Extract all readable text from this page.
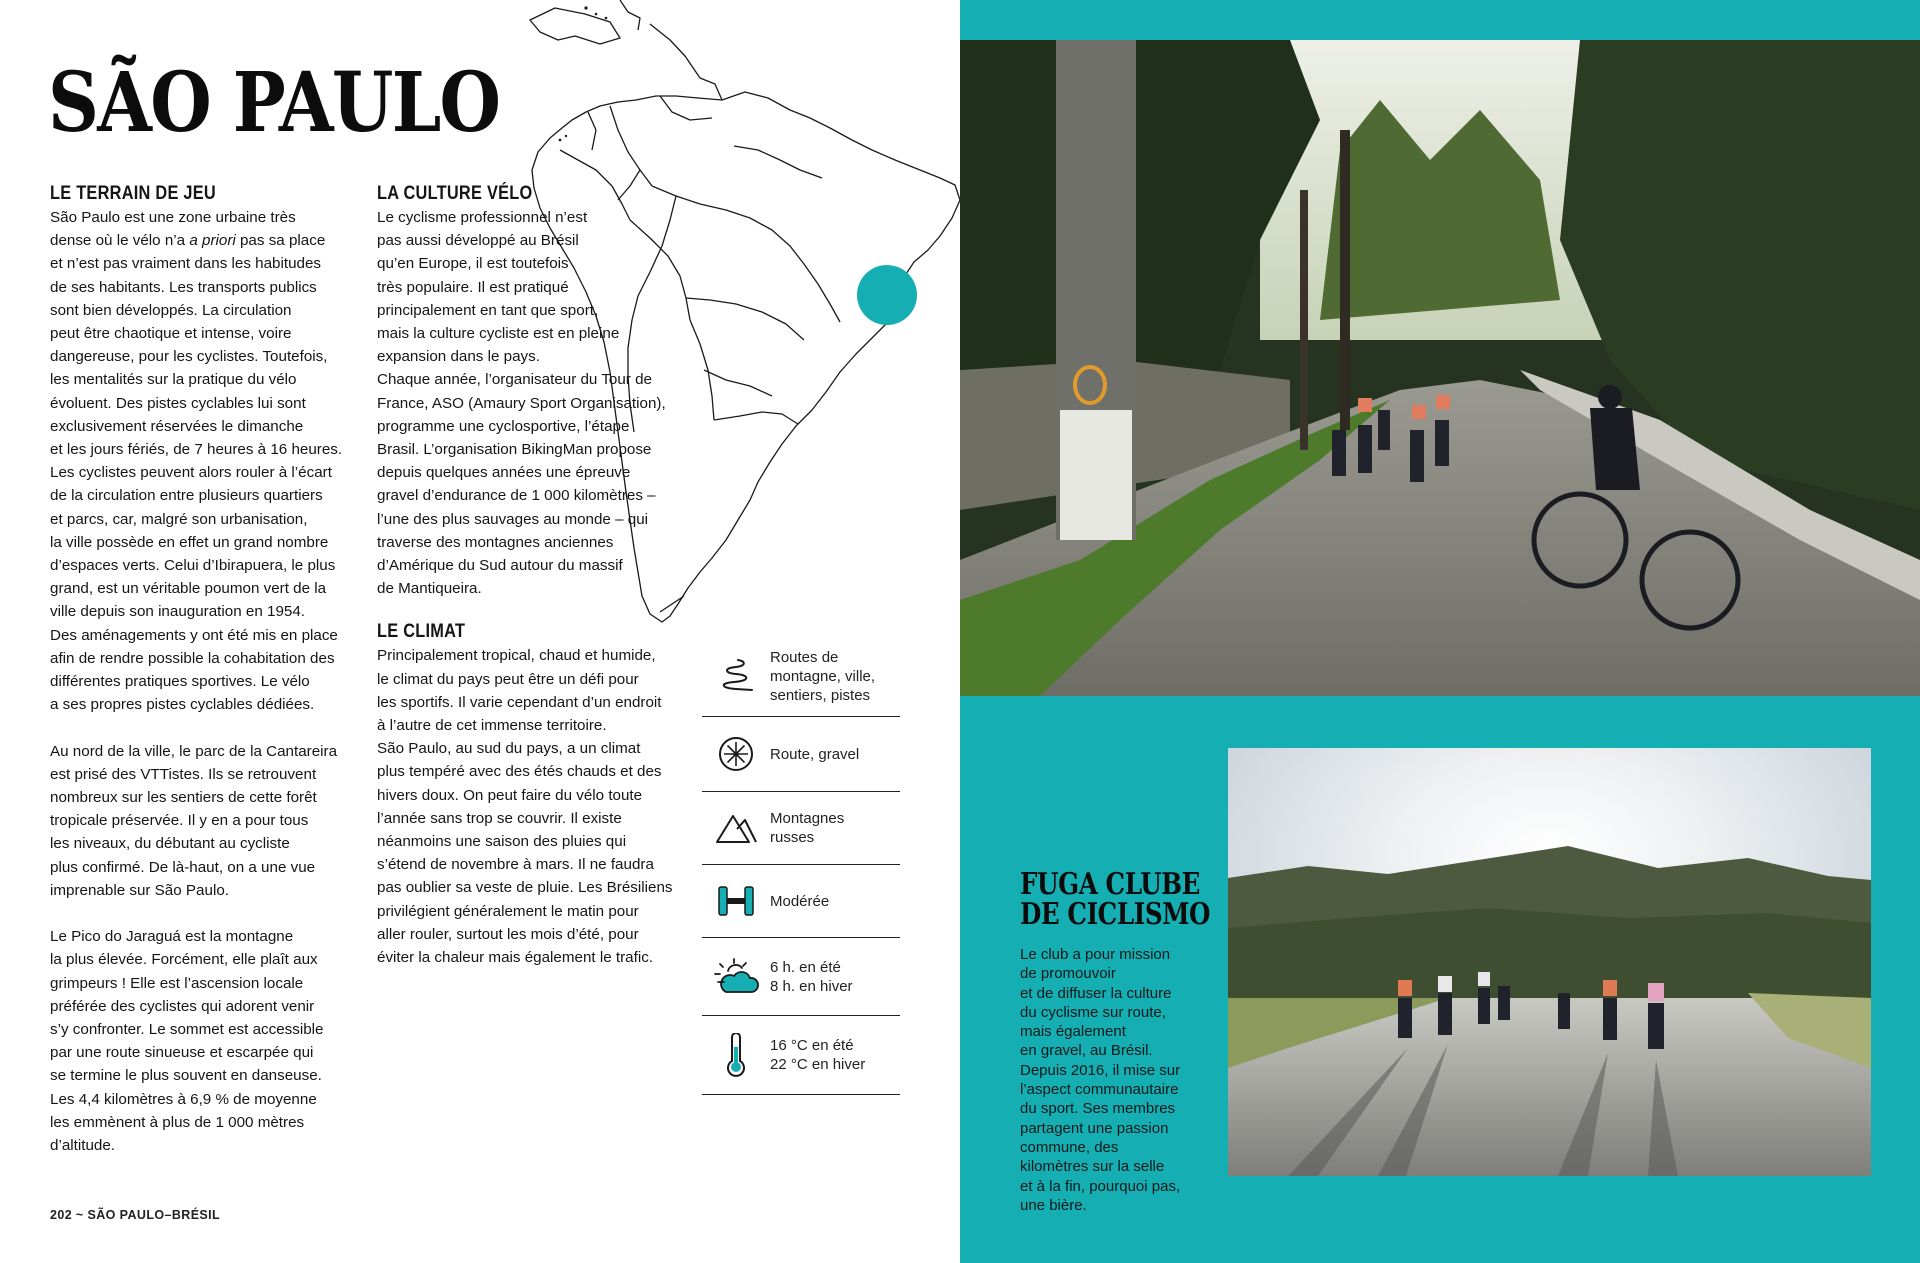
SÃO PAULO
LE TERRAIN DE JEU

São Paulo est une zone urbaine très
dense où le vélo n’a a priori pas sa place
et n’est pas vraiment dans les habitudes
de ses habitants. Les transports publics
sont bien développés. La circulation
peut être chaotique et intense, voire
dangereuse, pour les cyclistes. Toutefois,
les mentalités sur la pratique du vélo
évoluent. Des pistes cyclables lui sont
exclusivement réservées le dimanche
et les jours fériés, de 7 heures à 16 heures.
Les cyclistes peuvent alors rouler à l’écart
de la circulation entre plusieurs quartiers
et parcs, car, malgré son urbanisation,
la ville possède en effet un grand nombre
d’espaces verts. Celui d’Ibirapuera, le plus
grand, est un véritable poumon vert de la
ville depuis son inauguration en 1954.
Des aménagements y ont été mis en place
afin de rendre possible la cohabitation des
différentes pratiques sportives. Le vélo
a ses propres pistes cyclables dédiées.

Au nord de la ville, le parc de la Cantareira
est prisé des VTTistes. Ils se retrouvent
nombreux sur les sentiers de cette forêt
tropicale préservée. Il y en a pour tous
les niveaux, du débutant au cycliste
plus confirmé. De là-haut, on a une vue
imprenable sur São Paulo.

Le Pico do Jaraguá est la montagne
la plus élevée. Forcément, elle plaît aux
grimpeurs ! Elle est l’ascension locale
préférée des cyclistes qui adorent venir
s’y confronter. Le sommet est accessible
par une route sinueuse et escarpée qui
se termine le plus souvent en danseuse.
Les 4,4 kilomètres à 6,9 % de moyenne
les emmènent à plus de 1 000 mètres
d’altitude.

LA CULTURE VÉLO

Le cyclisme professionnel n’est
pas aussi développé au Brésil
qu’en Europe, il est toutefois
très populaire. Il est pratiqué
principalement en tant que sport,
mais la culture cycliste est en pleine
expansion dans le pays.
Chaque année, l’organisateur du Tour de
France, ASO (Amaury Sport Organisation),
programme une cyclosportive, l’étape
Brasil. L’organisation BikingMan propose
depuis quelques années une épreuve
gravel d’endurance de 1 000 kilomètres –
l’une des plus sauvages au monde – qui
traverse des montagnes anciennes
d’Amérique du Sud autour du massif
de Mantiqueira.

LE CLIMAT

Principalement tropical, chaud et humide,
le climat du pays peut être un défi pour
les sportifs. Il varie cependant d’un endroit
à l’autre de cet immense territoire.
São Paulo, au sud du pays, a un climat
plus tempéré avec des étés chauds et des
hivers doux. On peut faire du vélo toute
l’année sans trop se couvrir. Il existe
néanmoins une saison des pluies qui
s’étend de novembre à mars. Il ne faudra
pas oublier sa veste de pluie. Les Brésiliens
privilégient généralement le matin pour
aller rouler, surtout les mois d’été, pour
éviter la chaleur mais également le trafic.

Routes de
montagne, ville,
sentiers, pistes
Route, gravel
Montagnes
russes
Modérée
6 h. en été
8 h. en hiver
16 °C en été
22 °C en hiver
202 ~ SÃO PAULO–BRÉSIL
FUGA CLUBE
DE CICLISMO

Le club a pour mission
de promouvoir
et de diffuser la culture
du cyclisme sur route,
mais également
en gravel, au Brésil.
Depuis 2016, il mise sur
l’aspect communautaire
du sport. Ses membres
partagent une passion
commune, des
kilomètres sur la selle
et à la fin, pourquoi pas,
une bière.
